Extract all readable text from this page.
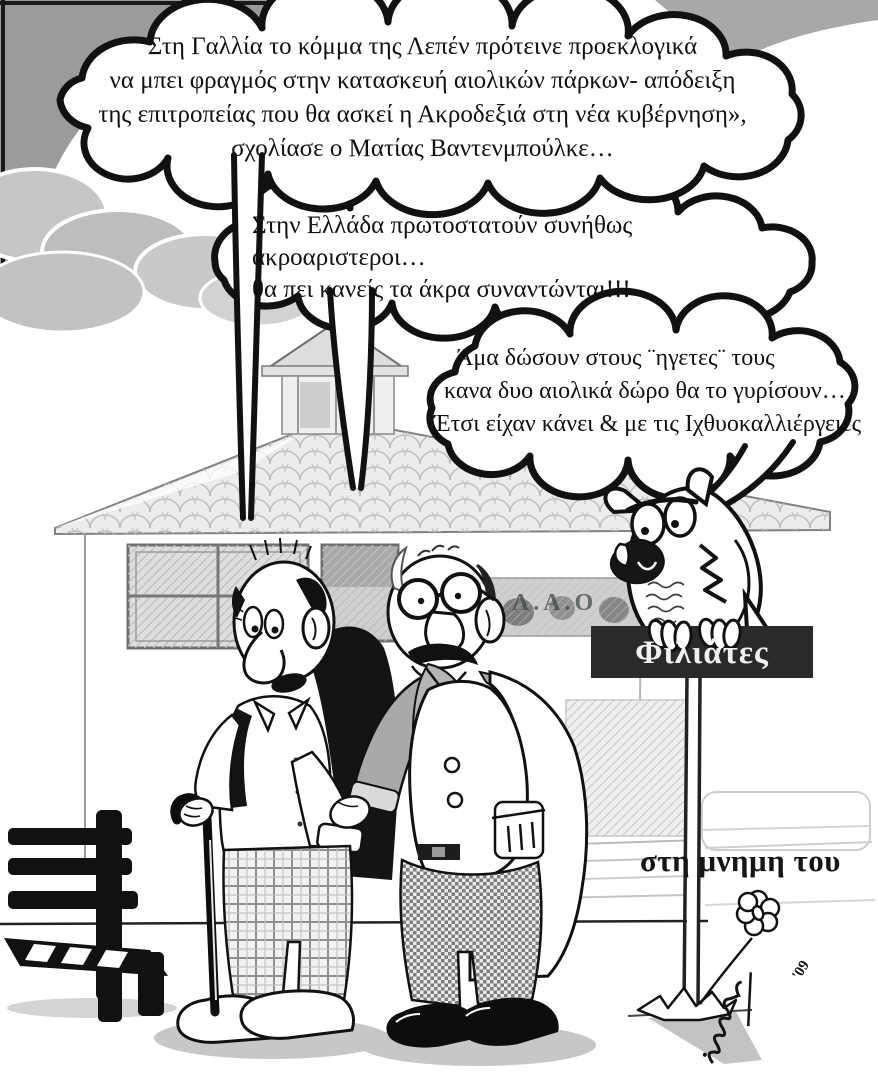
Στη Γαλλία το κόμμα της Λεπέν πρότεινε προεκλογικά
να μπει φραγμός στην κατασκευή αιολικών πάρκων- απόδειξη
της επιτροπείας που θα ασκεί η Ακροδεξιά στη νέα κυβέρνηση»,
σχολίασε ο Ματίας Βαντενμπούλκε…
Στην Ελλάδα πρωτοστατούν συνήθως
ακροαριστεροι…
θα πει κανείς τα άκρα συναντώνται!!!
Άμα δώσουν στους ¨ηγετες¨ τους
κανα δυο αιολικά δώρο θα το γυρίσουν…
Έτσι είχαν κάνει & με τις Ιχθυοκαλλιέργειες
Λ.Α.Ο
Φιλιάτες
στη μνημη του
'09
